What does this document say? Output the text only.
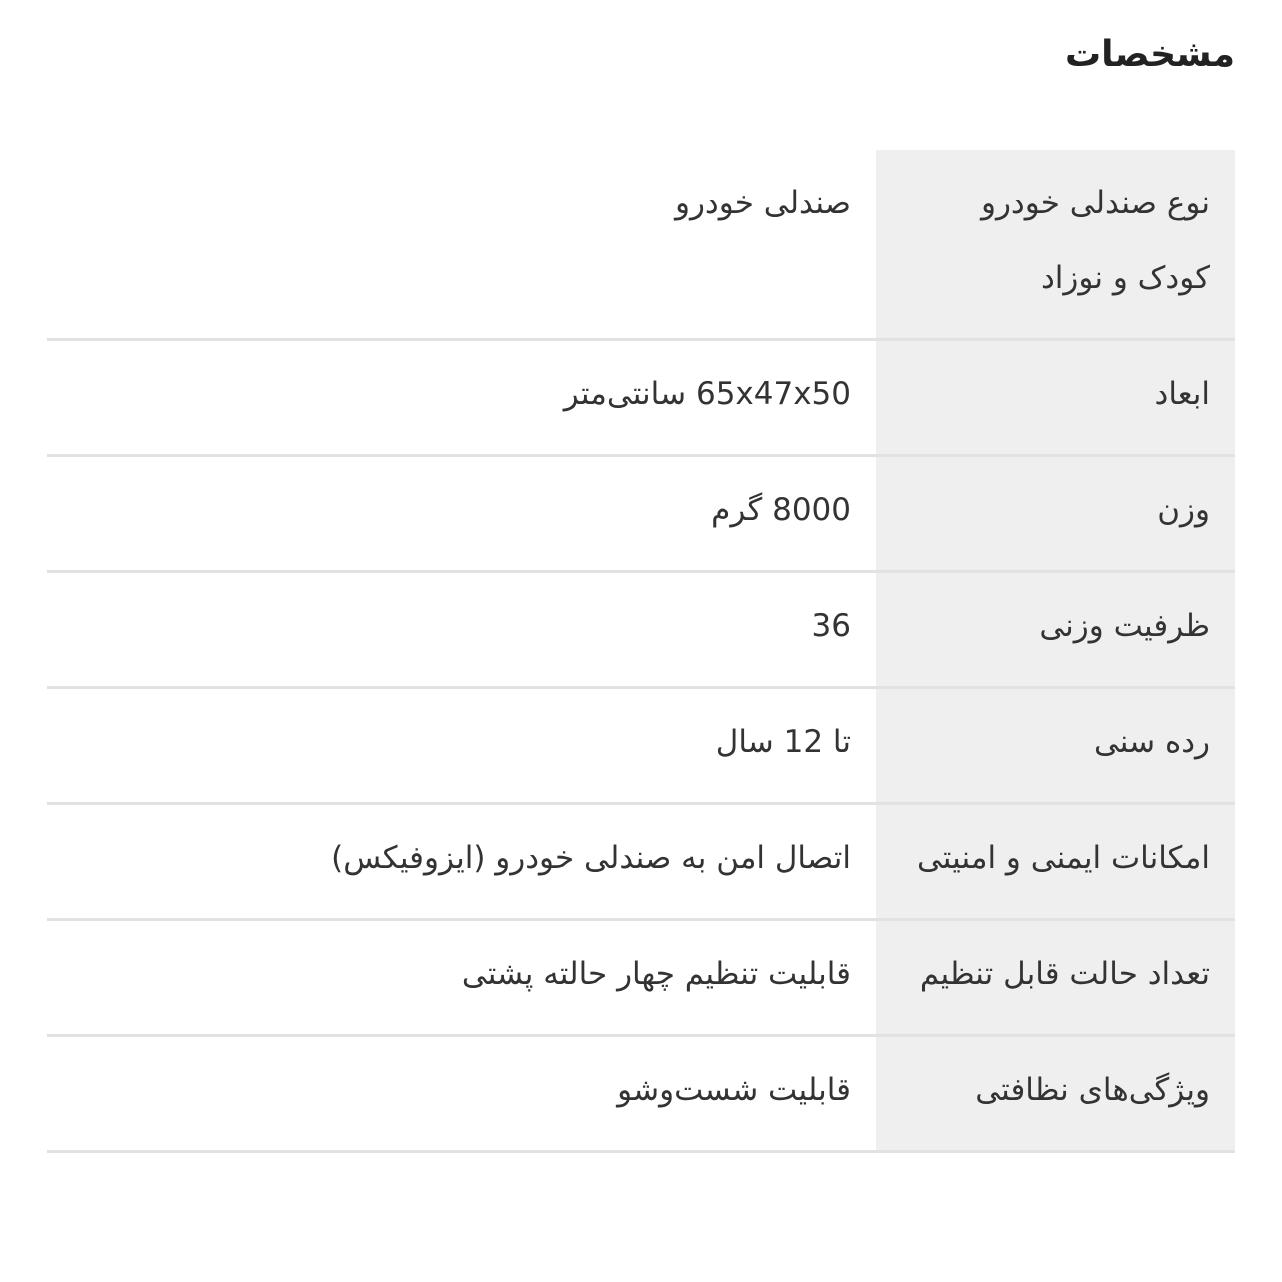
مشخصات
نوع صندلی خودرو کودک و نوزاد	صندلی خودرو
ابعاد	65x47x50 سانتی‌متر
وزن	8000 گرم
ظرفیت وزنی	36
رده سنی	تا 12 سال
امکانات ایمنی و امنیتی	اتصال امن به صندلی خودرو (ایزوفیکس)
تعداد حالت قابل تنظیم	قابلیت تنظیم چهار حالته پشتی
ویژگی‌های نظافتی	قابلیت شست‌وشو
